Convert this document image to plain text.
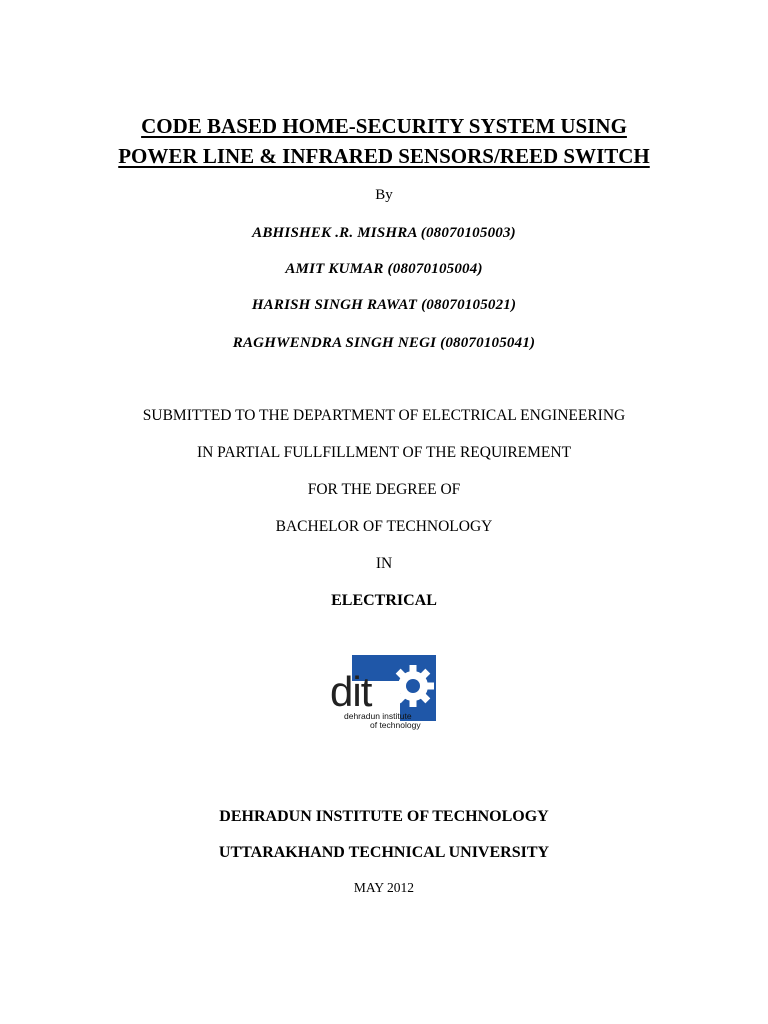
CODE BASED HOME-SECURITY SYSTEM USING
POWER LINE & INFRARED SENSORS/REED SWITCH
By
ABHISHEK .R. MISHRA (08070105003)
AMIT KUMAR (08070105004)
HARISH SINGH RAWAT (08070105021)
RAGHWENDRA SINGH NEGI (08070105041)
SUBMITTED TO THE DEPARTMENT OF ELECTRICAL ENGINEERING
IN PARTIAL FULLFILLMENT OF THE REQUIREMENT
FOR THE DEGREE OF
BACHELOR OF TECHNOLOGY
IN
ELECTRICAL
dit
dehradun institute
of technology
DEHRADUN INSTITUTE OF TECHNOLOGY
UTTARAKHAND TECHNICAL UNIVERSITY
MAY 2012
